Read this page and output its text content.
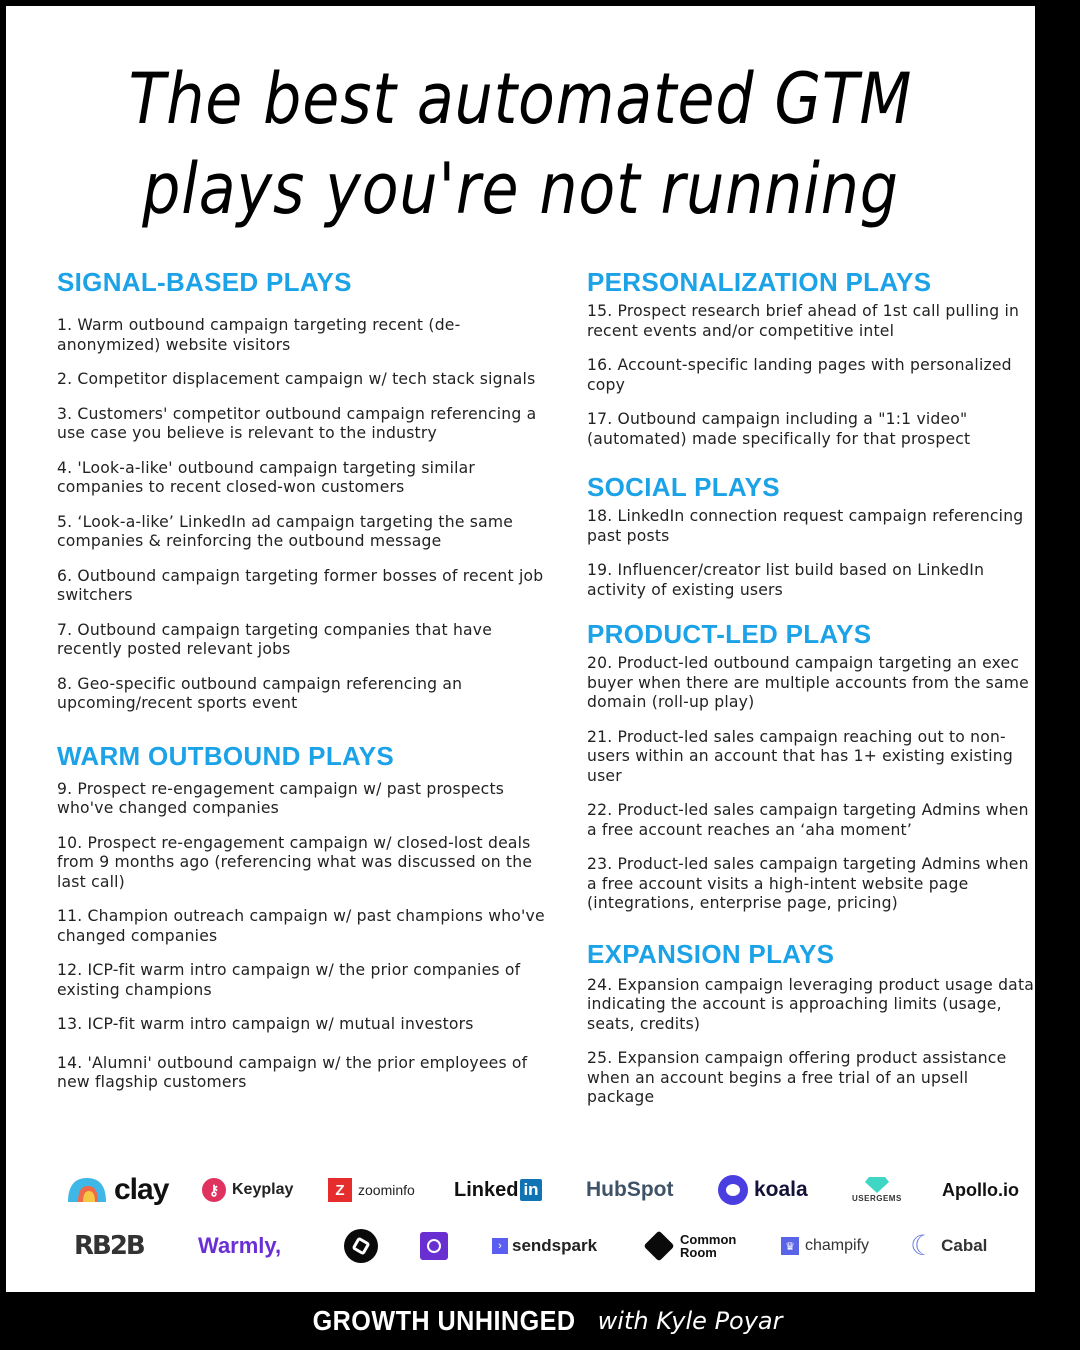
The best automated GTM
plays you're not running
SIGNAL-BASED PLAYS
1. Warm outbound campaign targeting recent (de-anonymized) website visitors
2. Competitor displacement campaign w/ tech stack signals
3. Customers' competitor outbound campaign referencing a use case you believe is relevant to the industry
4. 'Look-a-like' outbound campaign targeting similar companies to recent closed-won customers
5. ‘Look-a-like’ LinkedIn ad campaign targeting the same companies & reinforcing the outbound message
6. Outbound campaign targeting former bosses of recent job switchers
7. Outbound campaign targeting companies that have recently posted relevant jobs
8. Geo-specific outbound campaign referencing an upcoming/recent sports event
WARM OUTBOUND PLAYS
9. Prospect re-engagement campaign w/ past prospects who've changed companies
10. Prospect re-engagement campaign w/ closed-lost deals from 9 months ago (referencing what was discussed on the last call)
11. Champion outreach campaign w/ past champions who've changed companies
12. ICP-fit warm intro campaign w/ the prior companies of existing champions
13. ICP-fit warm intro campaign w/ mutual investors
14. 'Alumni' outbound campaign w/ the prior employees of new flagship customers
PERSONALIZATION PLAYS
15. Prospect research brief ahead of 1st call pulling in recent events and/or competitive intel
16. Account-specific landing pages with personalized copy
17. Outbound campaign including a "1:1 video" (automated) made specifically for that prospect
SOCIAL PLAYS
18. LinkedIn connection request campaign referencing past posts
19. Influencer/creator list build based on LinkedIn activity of existing users
PRODUCT-LED PLAYS
20. Product-led outbound campaign targeting an exec buyer when there are multiple accounts from the same domain (roll-up play)
21. Product-led sales campaign reaching out to non-users within an account that has 1+ existing existing user
22. Product-led sales campaign targeting Admins when a free account reaches an ‘aha moment’
23. Product-led sales campaign targeting Admins when a free account visits a high-intent website page (integrations, enterprise page, pricing)
EXPANSION PLAYS
24. Expansion campaign leveraging product usage data indicating the account is approaching limits (usage, seats, credits)
25. Expansion campaign offering product assistance when an account begins a free trial of an upsell package
clay	⚷ Keyplay	Z zoominfo Linked in HubSpot	koala	USERGEMS Apollo.io
RB2B Warmly,	› sendspark	Common
Room	♛ champify ☾ Cabal
GROWTH UNHINGED with Kyle Poyar
